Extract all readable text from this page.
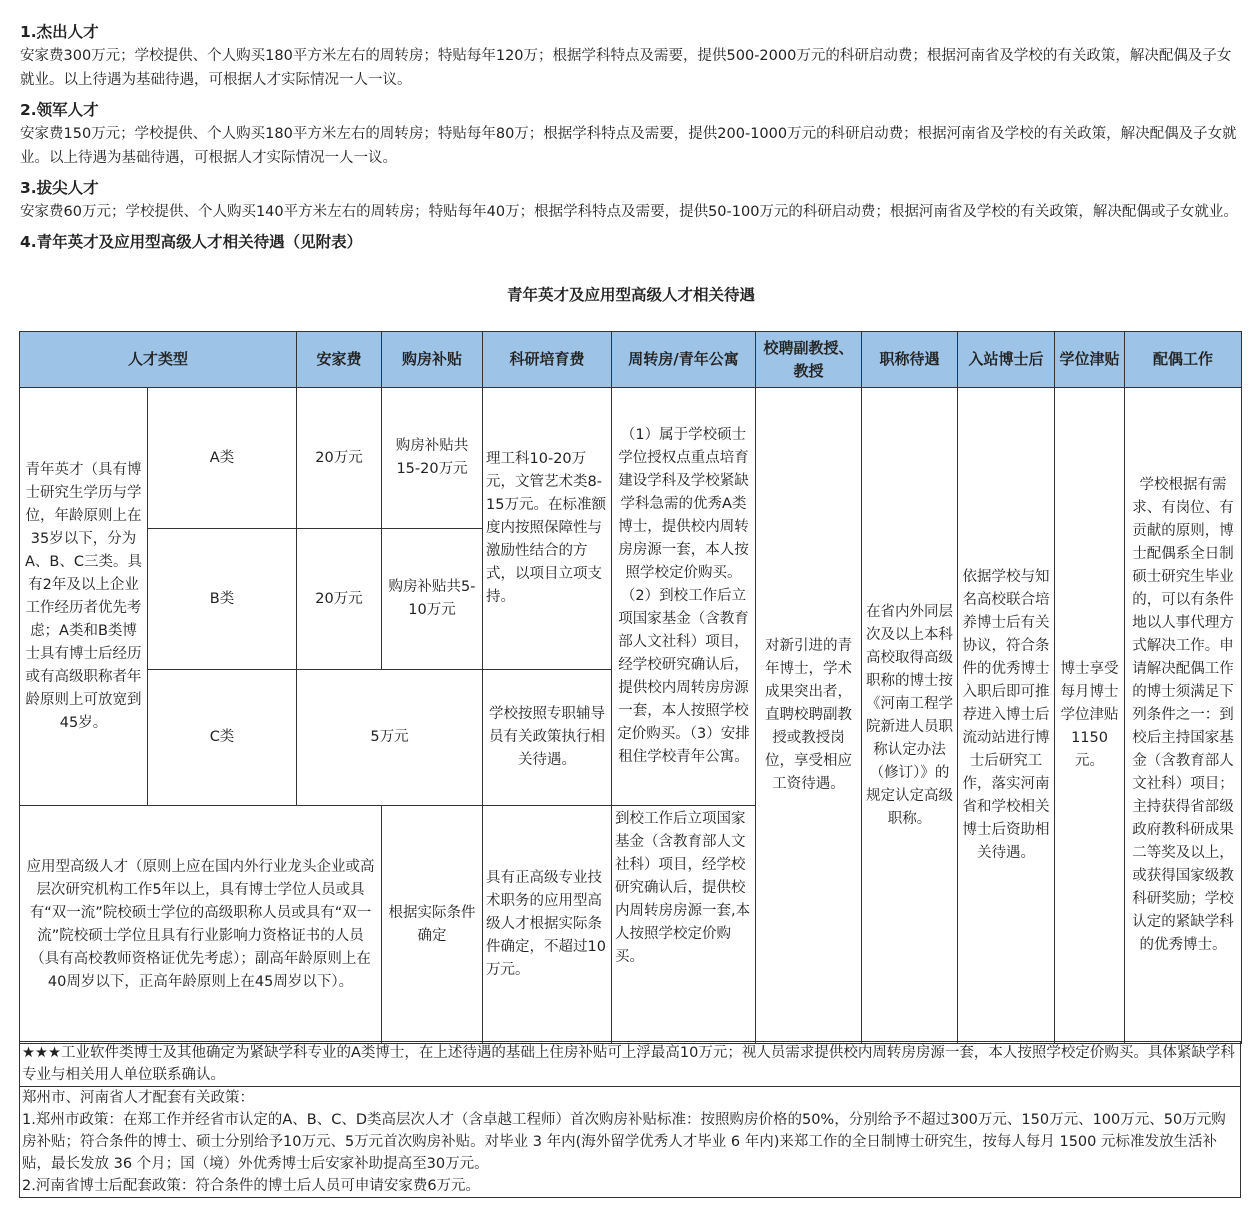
1.杰出人才
安家费300万元；学校提供、个人购买180平方米左右的周转房；特贴每年120万；根据学科特点及需要，提供500-2000万元的科研启动费；根据河南省及学校的有关政策，解决配偶及子女就业。以上待遇为基础待遇，可根据人才实际情况一人一议。
2.领军人才
安家费150万元；学校提供、个人购买180平方米左右的周转房；特贴每年80万；根据学科特点及需要，提供200-1000万元的科研启动费；根据河南省及学校的有关政策，解决配偶及子女就业。以上待遇为基础待遇，可根据人才实际情况一人一议。
3.拔尖人才
安家费60万元；学校提供、个人购买140平方米左右的周转房；特贴每年40万；根据学科特点及需要，提供50-100万元的科研启动费；根据河南省及学校的有关政策，解决配偶或子女就业。
4.青年英才及应用型高级人才相关待遇（见附表）
青年英才及应用型高级人才相关待遇
人才类型		安家费	购房补贴	科研培育费	周转房/青年公寓	校聘副教授、教授	职称待遇	入站博士后	学位津贴	配偶工作
青年英才（具有博士研究生学历与学位，年龄原则上在35岁以下，分为A、B、C三类。具有2年及以上企业工作经历者优先考虑；A类和B类博士具有博士后经历或有高级职称者年龄原则上可放宽到45岁。	A类	20万元	购房补贴共15-20万元	理工科10-20万元，文管艺术类8-15万元。在标准额度内按照保障性与激励性结合的方式，以项目立项支持。	（1）属于学校硕士学位授权点重点培育建设学科及学校紧缺学科急需的优秀A类博士，提供校内周转房房源一套，本人按照学校定价购买。（2）到校工作后立项国家基金（含教育部人文社科）项目，经学校研究确认后，提供校内周转房房源一套，本人按照学校定价购买。（3）安排租住学校青年公寓。	对新引进的青年博士，学术成果突出者，直聘校聘副教授或教授岗位，享受相应工资待遇。	在省内外同层次及以上本科高校取得高级职称的博士按《河南工程学院新进人员职称认定办法（修订）》的规定认定高级职称。	依据学校与知名高校联合培养博士后有关协议，符合条件的优秀博士入职后即可推荐进入博士后流动站进行博士后研究工作，落实河南省和学校相关博士后资助相关待遇。	博士享受每月博士学位津贴1150元。	学校根据有需求、有岗位、有贡献的原则，博士配偶系全日制硕士研究生毕业的，可以有条件地以人事代理方式解决工作。申请解决配偶工作的博士须满足下列条件之一：到校后主持国家基金（含教育部人文社科）项目；主持获得省部级政府教科研成果二等奖及以上，或获得国家级教科研奖励；学校认定的紧缺学科的优秀博士。
	B类	20万元	购房补贴共5-10万元							
	C类	5万元		学校按照专职辅导员有关政策执行相关待遇。						
应用型高级人才（原则上应在国内外行业龙头企业或高层次研究机构工作5年以上，具有博士学位人员或具有“双一流”院校硕士学位的高级职称人员或具有“双一流”院校硕士学位且具有行业影响力资格证书的人员（具有高校教师资格证优先考虑）；副高年龄原则上在40周岁以下，正高年龄原则上在45周岁以下）。			根据实际条件确定	具有正高级专业技术职务的应用型高级人才根据实际条件确定，不超过10万元。	到校工作后立项国家基金（含教育部人文社科）项目，经学校研究确认后，提供校内周转房房源一套,本人按照学校定价购买。					
★★★工业软件类博士及其他确定为紧缺学科专业的A类博士，在上述待遇的基础上住房补贴可上浮最高10万元；视人员需求提供校内周转房房源一套，本人按照学校定价购买。具体紧缺学科专业与相关用人单位联系确认。
郑州市、河南省人才配套有关政策：
1.郑州市政策：在郑工作并经省市认定的A、B、C、D类高层次人才（含卓越工程师）首次购房补贴标准：按照购房价格的50%，分别给予不超过300万元、150万元、100万元、50万元购房补贴；符合条件的博士、硕士分别给予10万元、5万元首次购房补贴。对毕业 3 年内(海外留学优秀人才毕业 6 年内)来郑工作的全日制博士研究生，按每人每月 1500 元标准发放生活补贴，最长发放 36 个月；国（境）外优秀博士后安家补助提高至30万元。
2.河南省博士后配套政策：符合条件的博士后人员可申请安家费6万元。
